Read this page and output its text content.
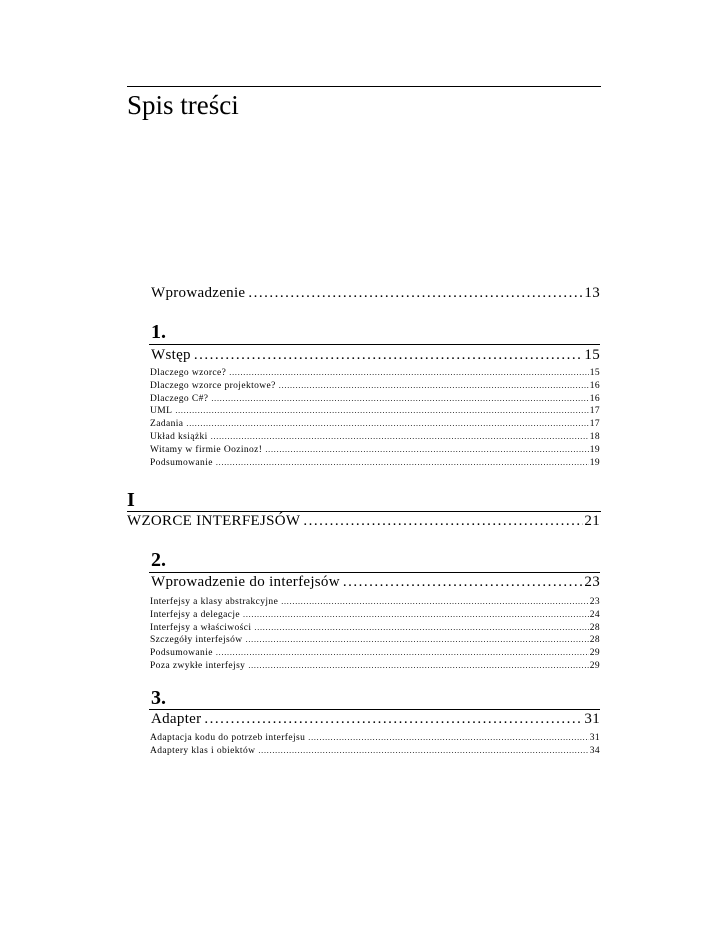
Spis treści
Wprowadzenie .....	13
1.
Wstęp .....	15
Dlaczego wzorce? .....	15
Dlaczego wzorce projektowe? .....	16
Dlaczego C#? .....	16
UML .....	17
Zadania .....	17
Układ książki .....	18
Witamy w firmie Oozinoz! .....	19
Podsumowanie .....	19
I
WZORCE INTERFEJSÓW .....	21
2.
Wprowadzenie do interfejsów .....	23
Interfejsy a klasy abstrakcyjne .....	23
Interfejsy a delegacje .....	24
Interfejsy a właściwości .....	28
Szczegóły interfejsów .....	28
Podsumowanie .....	29
Poza zwykłe interfejsy .....	29
3.
Adapter .....	31
Adaptacja kodu do potrzeb interfejsu .....	31
Adaptery klas i obiektów .....	34
